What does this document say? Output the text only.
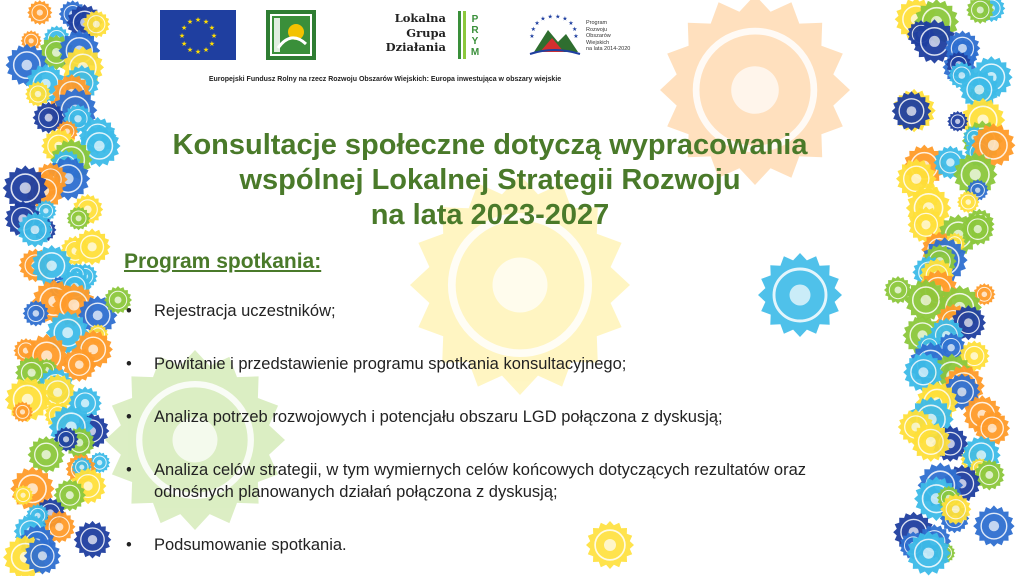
★
★
★
★
★
★
★
★
★ ★ ★
★
Lokalna
Grupa
Działania
P
R
Y
M
★
★
★
★ ★ ★ ★
★
★
★
Program
Rozwoju
Obszarów
Wiejskich
na lata 2014-2020
Europejski Fundusz Rolny na rzecz Rozwoju Obszarów Wiejskich: Europa inwestująca w obszary wiejskie
Konsultacje społeczne dotyczą wypracowania
wspólnej Lokalnej Strategii Rozwoju
na lata 2023-2027
Program spotkania:
• Rejestracja uczestników;
• Powitanie i przedstawienie programu spotkania konsultacyjnego;
• Analiza potrzeb rozwojowych i potencjału obszaru LGD połączona z dyskusją;
• Analiza celów strategii, w tym wymiernych celów końcowych dotyczących rezultatów oraz odnośnych planowanych działań połączona z dyskusją;
• Podsumowanie spotkania.
